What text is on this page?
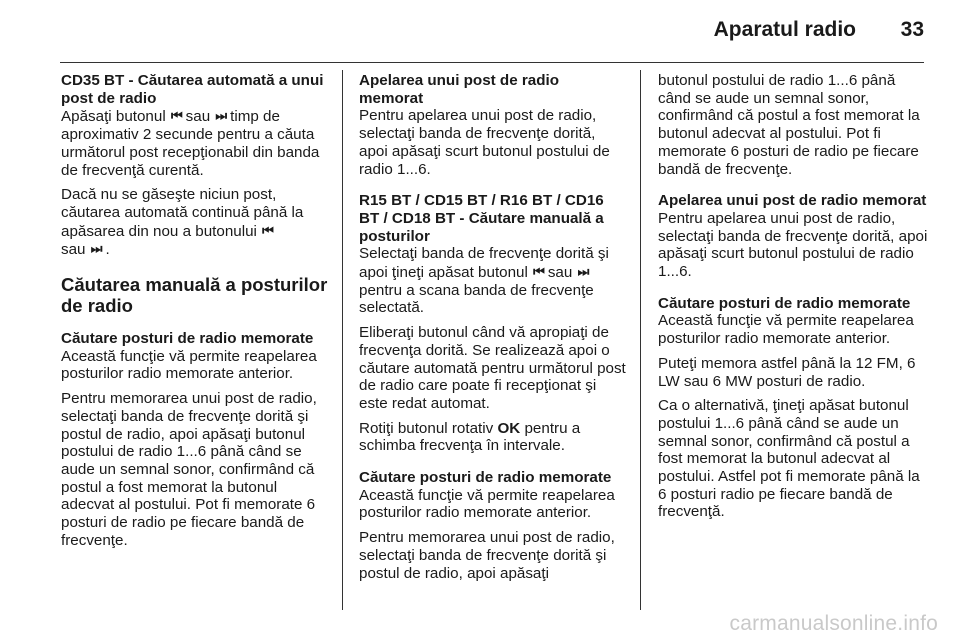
Aparatul radio 33
CD35 BT - Căutarea automată a unui post de radio

Apăsaţi butonul ⏮ sau ⏭ timp de aproximativ 2 secunde pentru a căuta următorul post recepţionabil din banda de frecvenţă curentă.

Dacă nu se găseşte niciun post, căutarea automată continuă până la apăsarea din nou a butonului ⏮
sau ⏭ .

Căutarea manuală a posturilor de radio
Căutare posturi de radio memorate

Această funcţie vă permite reapelarea posturilor radio memorate anterior.

Pentru memorarea unui post de radio, selectaţi banda de frecvenţe dorită şi postul de radio, apoi apăsaţi butonul postului de radio 1...6 până când se aude un semnal sonor, confirmând că postul a fost memorat la butonul adecvat al postului. Pot fi memorate 6 posturi de radio pe fiecare bandă de frecvenţe.

Apelarea unui post de radio memorat

Pentru apelarea unui post de radio, selectaţi banda de frecvenţe dorită, apoi apăsaţi scurt butonul postului de radio 1...6.

R15 BT / CD15 BT / R16 BT / CD16 BT / CD18 BT - Căutare manuală a posturilor

Selectaţi banda de frecvenţe dorită şi apoi ţineţi apăsat butonul ⏮ sau ⏭pentru a scana banda de frecvenţe selectată.

Eliberaţi butonul când vă apropiaţi de frecvenţa dorită. Se realizează apoi o căutare automată pentru următorul post de radio care poate fi recepţionat şi este redat automat.

Rotiţi butonul rotativ OK pentru a schimba frecvenţa în intervale.

Căutare posturi de radio memorate

Această funcţie vă permite reapelarea posturilor radio memorate anterior.

Pentru memorarea unui post de radio, selectaţi banda de frecvenţe dorită şi postul de radio, apoi apăsaţi

butonul postului de radio 1...6 până când se aude un semnal sonor, confirmând că postul a fost memorat la butonul adecvat al postului. Pot fi memorate 6 posturi de radio pe fiecare bandă de frecvenţe.

Apelarea unui post de radio memorat

Pentru apelarea unui post de radio, selectaţi banda de frecvenţe dorită, apoi apăsaţi scurt butonul postului de radio 1...6.

Căutare posturi de radio memorate

Această funcţie vă permite reapelarea posturilor radio memorate anterior.

Puteţi memora astfel până la 12 FM, 6 LW sau 6 MW posturi de radio.

Ca o alternativă, ţineţi apăsat butonul postului 1...6 până când se aude un semnal sonor, confirmând că postul a fost memorat la butonul adecvat al postului. Astfel pot fi memorate până la 6 posturi radio pe fiecare bandă de frecvenţă.

carmanualsonline.info
